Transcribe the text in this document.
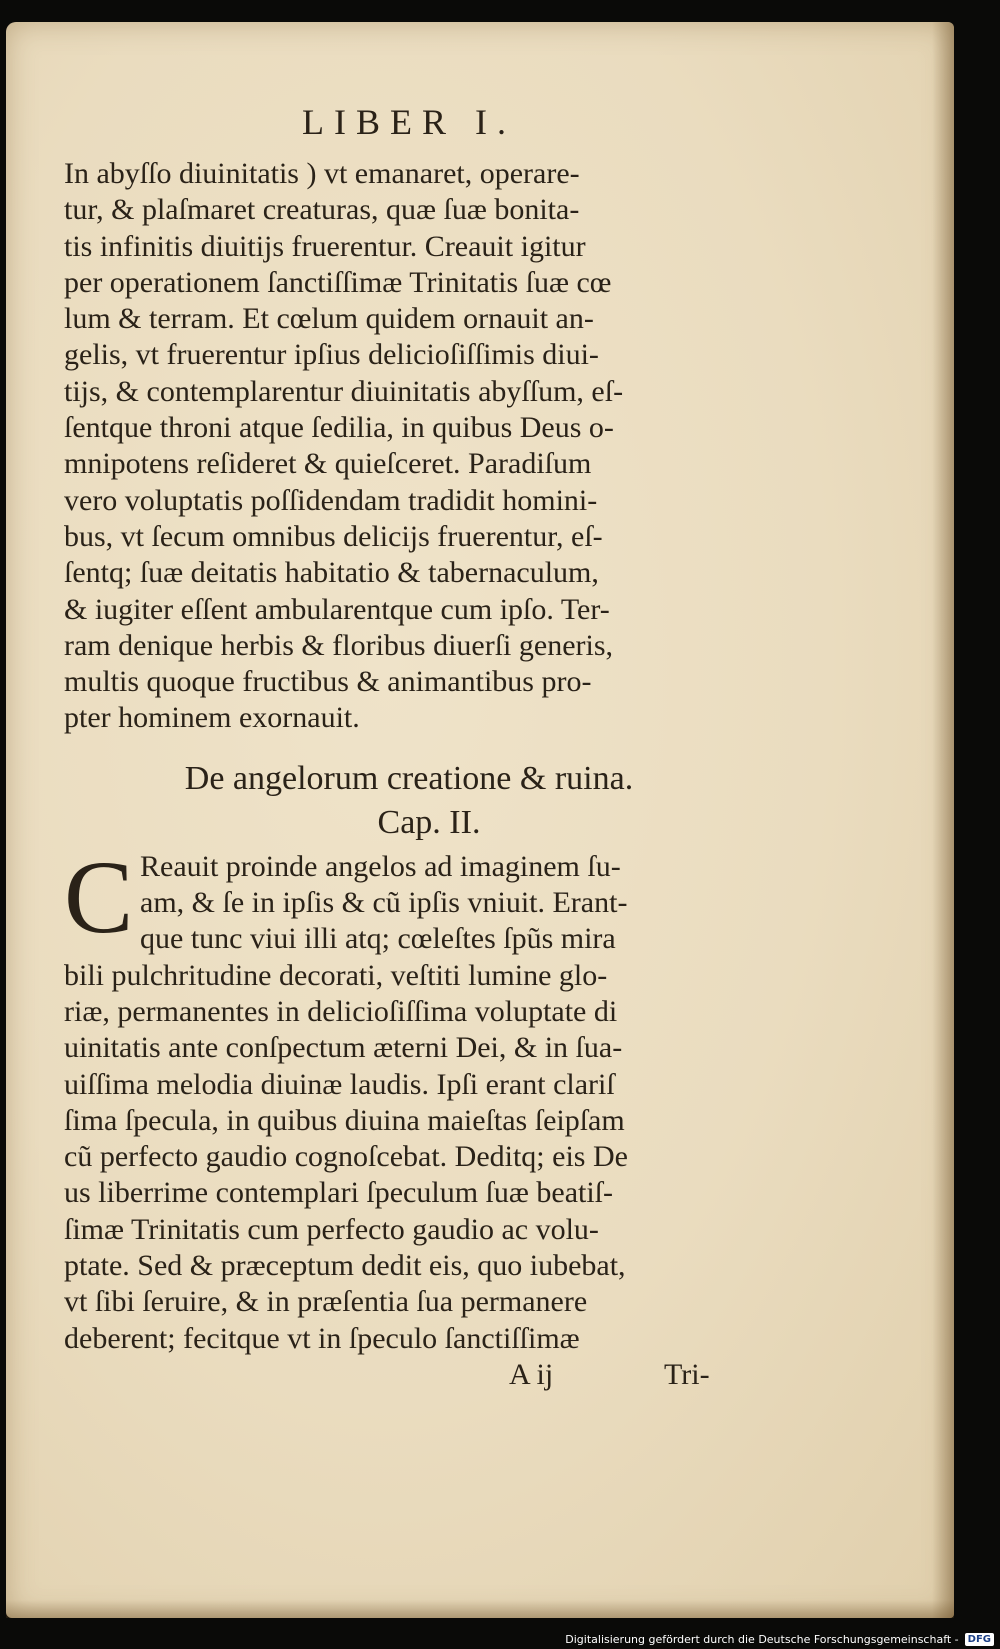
LIBER I.
In abyſſo diuinitatis ) vt emanaret, operare-
tur, & plaſmaret creaturas, quæ ſuæ bonita-
tis infinitis diuitijs fruerentur. Creauit igitur
per operationem ſanctiſſimæ Trinitatis ſuæ cœ
lum & terram. Et cœlum quidem ornauit an-
gelis, vt fruerentur ipſius delicioſiſſimis diui-
tijs, & contemplarentur diuinitatis abyſſum, eſ-
ſentque throni atque ſedilia, in quibus Deus o-
mnipotens reſideret & quieſceret. Paradiſum
vero voluptatis poſſidendam tradidit homini-
bus, vt ſecum omnibus delicijs fruerentur, eſ-
ſentq; ſuæ deitatis habitatio & tabernaculum,
& iugiter eſſent ambularentque cum ipſo. Ter-
ram denique herbis & floribus diuerſi generis,
multis quoque fructibus & animantibus pro-
pter hominem exornauit.
De angelorum creatione & ruina.
Cap. II.
C Reauit proinde angelos ad imaginem ſu-
am, & ſe in ipſis & cũ ipſis vniuit. Erant-
que tunc viui illi atq; cœleſtes ſpũs mira
bili pulchritudine decorati, veſtiti lumine glo-
riæ, permanentes in delicioſiſſima voluptate di
uinitatis ante conſpectum æterni Dei, & in ſua-
uiſſima melodia diuinæ laudis. Ipſi erant clariſ
ſima ſpecula, in quibus diuina maieſtas ſeipſam
cũ perfecto gaudio cognoſcebat. Deditq; eis De
us liberrime contemplari ſpeculum ſuæ beatiſ-
ſimæ Trinitatis cum perfecto gaudio ac volu-
ptate. Sed & præceptum dedit eis, quo iubebat,
vt ſibi ſeruire, & in præſentia ſua permanere
deberent; fecitque vt in ſpeculo ſanctiſſimæ
A ij	Tri-
Digitalisierung gefördert durch die Deutsche Forschungsgemeinschaft - DFG
